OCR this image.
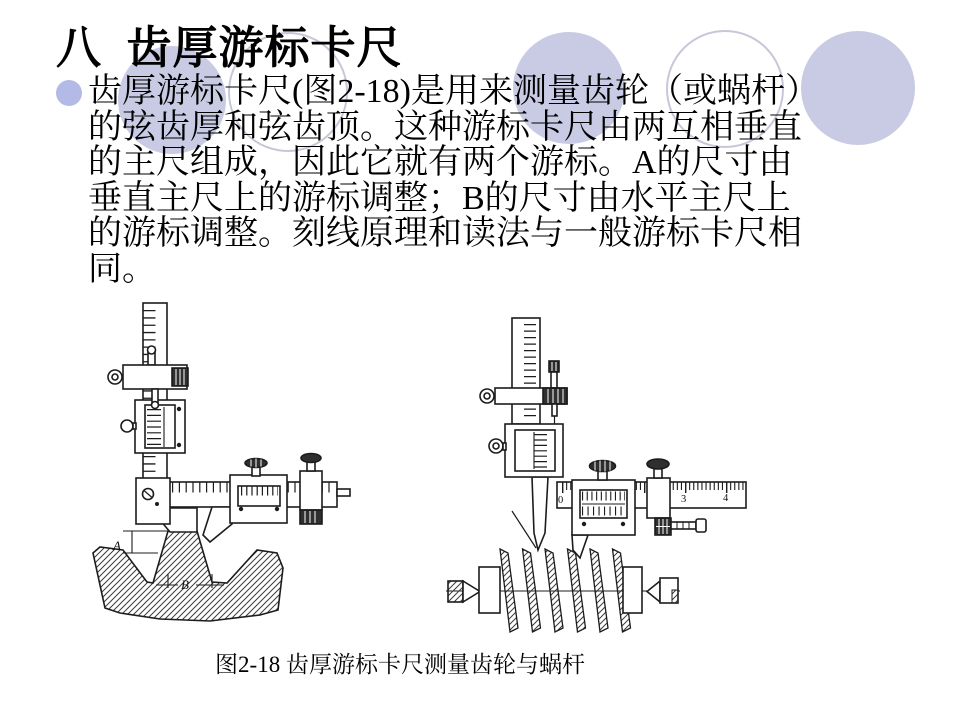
八  齿厚游标卡尺
齿厚游标卡尺(图2-18)是用来测量齿轮（或蜗杆）
的弦齿厚和弦齿顶。这种游标卡尺由两互相垂直
的主尺组成，因此它就有两个游标。A的尺寸由
垂直主尺上的游标调整；B的尺寸由水平主尺上
的游标调整。刻线原理和读法与一般游标卡尺相
同。
A
B
0	3	4
图2-18 齿厚游标卡尺测量齿轮与蜗杆
